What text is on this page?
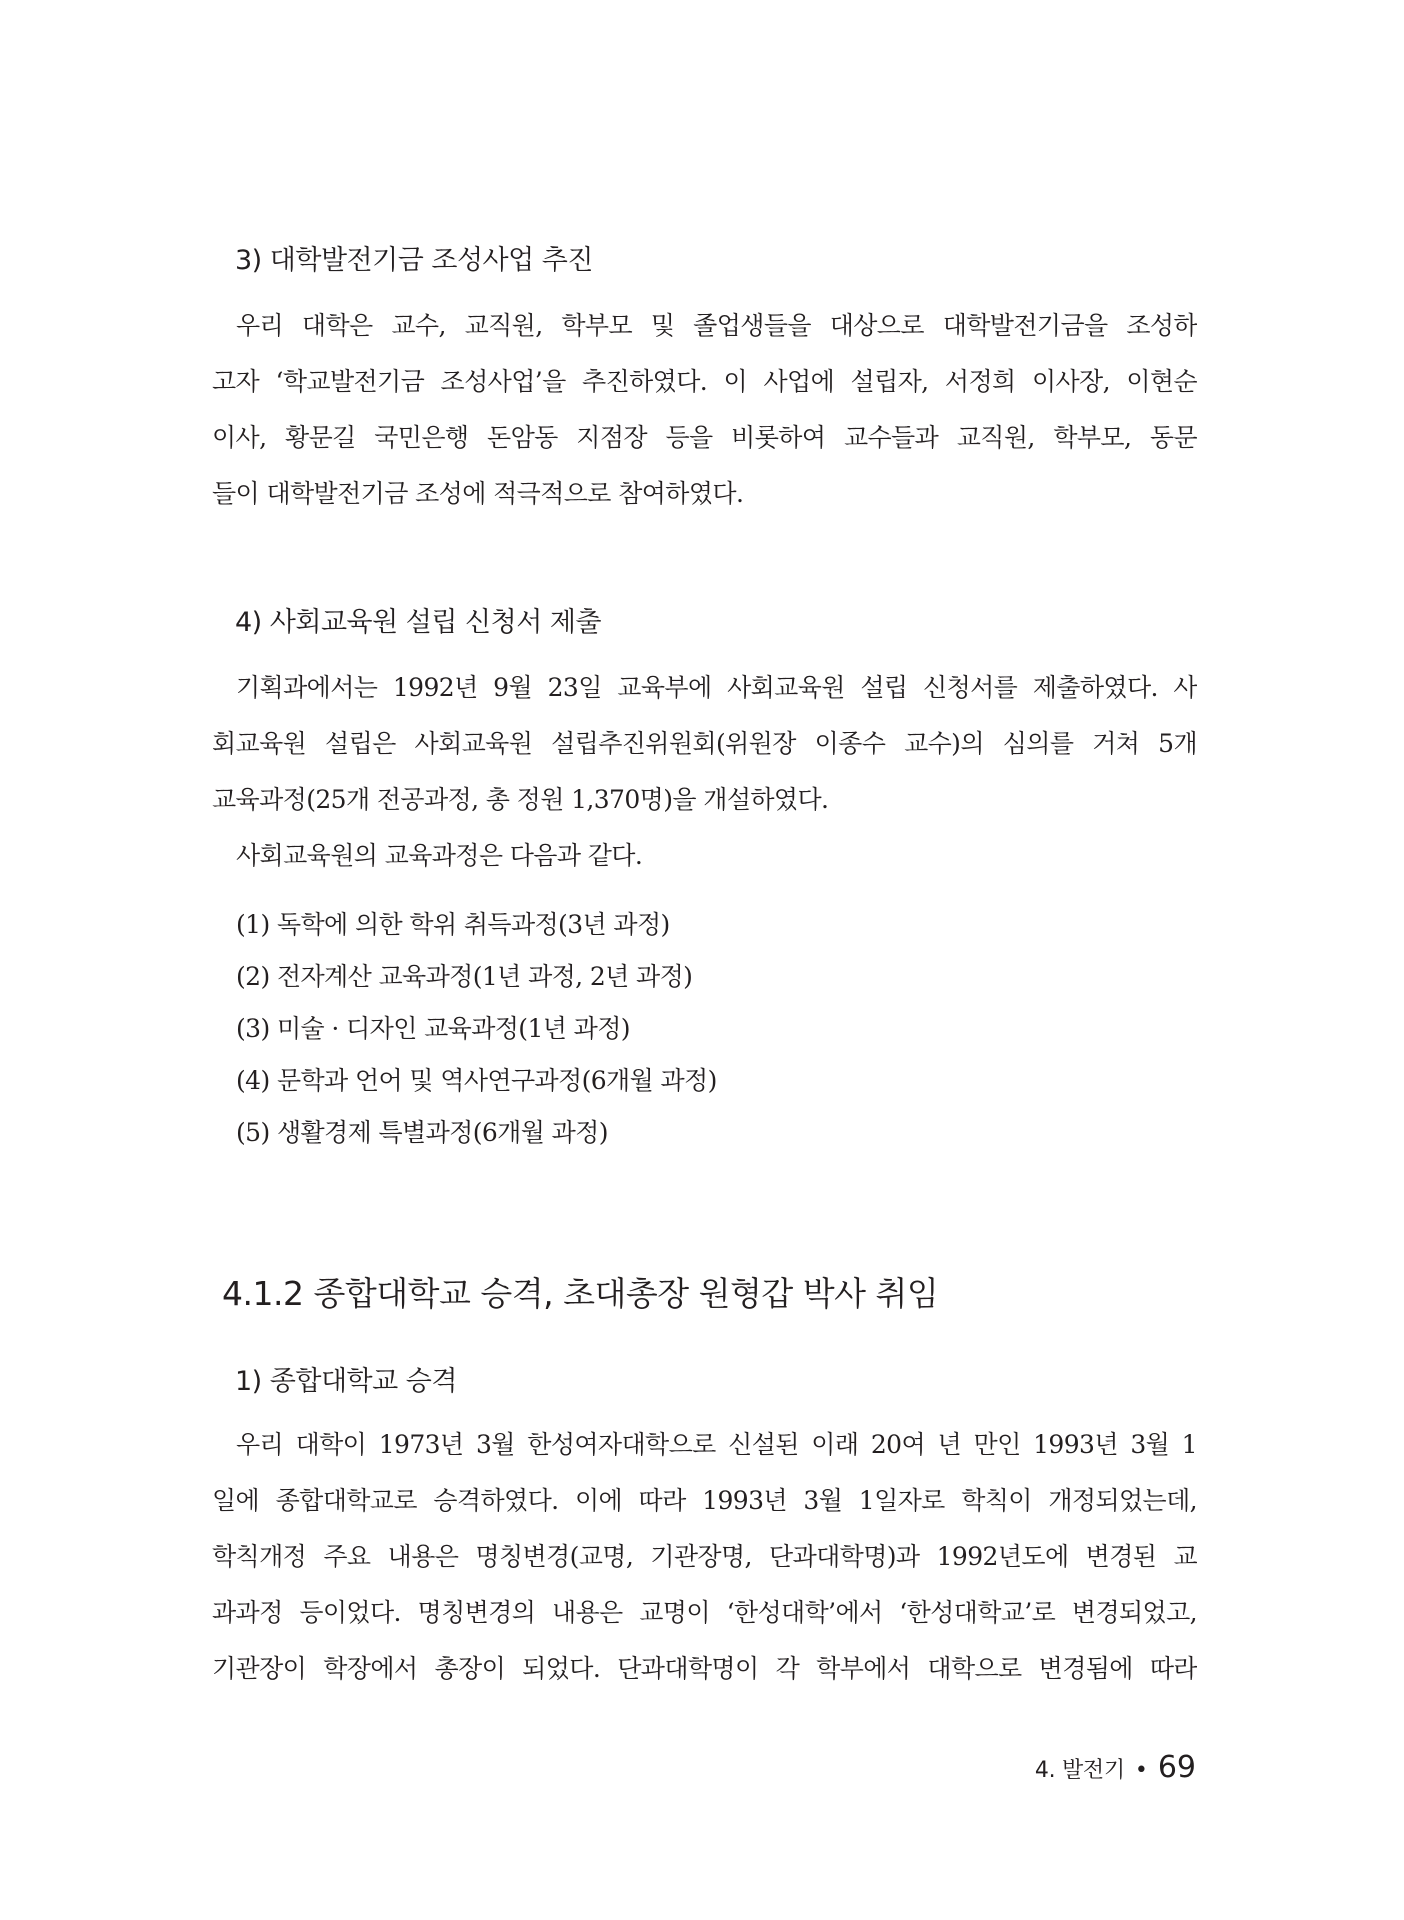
3) 대학발전기금 조성사업 추진
우리 대학은 교수, 교직원, 학부모 및 졸업생들을 대상으로 대학발전기금을 조성하
고자 ‘학교발전기금 조성사업’을 추진하였다. 이 사업에 설립자, 서정희 이사장, 이현순
이사, 황문길 국민은행 돈암동 지점장 등을 비롯하여 교수들과 교직원, 학부모, 동문
들이 대학발전기금 조성에 적극적으로 참여하였다.
4) 사회교육원 설립 신청서 제출
기획과에서는 1992년 9월 23일 교육부에 사회교육원 설립 신청서를 제출하였다. 사
회교육원 설립은 사회교육원 설립추진위원회(위원장 이종수 교수)의 심의를 거쳐 5개
교육과정(25개 전공과정, 총 정원 1,370명)을 개설하였다.
사회교육원의 교육과정은 다음과 같다.

(1) 독학에 의한 학위 취득과정(3년 과정)

(2) 전자계산 교육과정(1년 과정, 2년 과정)

(3) 미술 · 디자인 교육과정(1년 과정)

(4) 문학과 언어 및 역사연구과정(6개월 과정)

(5) 생활경제 특별과정(6개월 과정)

4.1.2 종합대학교 승격, 초대총장 원형갑 박사 취임
1) 종합대학교 승격
우리 대학이 1973년 3월 한성여자대학으로 신설된 이래 20여 년 만인 1993년 3월 1
일에 종합대학교로 승격하였다. 이에 따라 1993년 3월 1일자로 학칙이 개정되었는데,
학칙개정 주요 내용은 명칭변경(교명, 기관장명, 단과대학명)과 1992년도에 변경된 교
과과정 등이었다. 명칭변경의 내용은 교명이 ‘한성대학’에서 ‘한성대학교’로 변경되었고,
기관장이 학장에서 총장이 되었다. 단과대학명이 각 학부에서 대학으로 변경됨에 따라
4. 발전기 • 69
